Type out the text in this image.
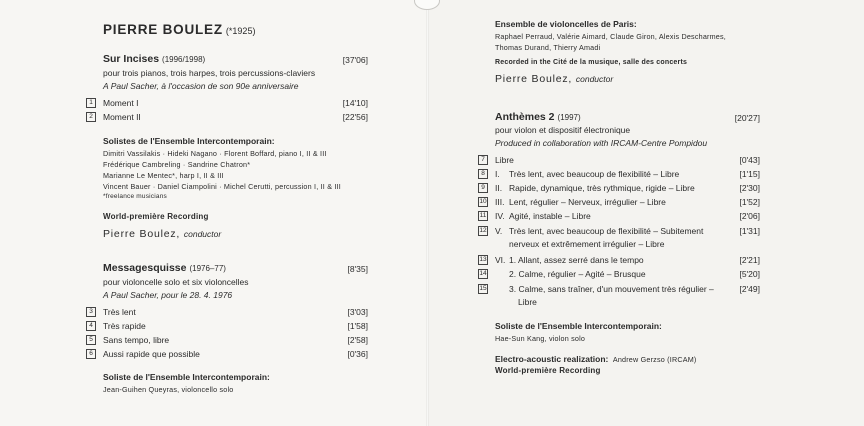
PIERRE BOULEZ (*1925)
Sur Incises (1996/1998)	[37'06]
pour trois pianos, trois harpes, trois percussions-claviers
A Paul Sacher, à l'occasion de son 90e anniversaire
1	Moment I	[14'10]
2	Moment II	[22'56]
Solistes de l'Ensemble Intercontemporain:
Dimitri Vassilakis · Hideki Nagano · Florent Boffard, piano I, II & III
Frédérique Cambreling · Sandrine Chatron*
Marianne Le Mentec*, harp I, II & III
Vincent Bauer · Daniel Ciampolini · Michel Cerutti, percussion I, II & III
*freelance musicians
World-première Recording
Pierre Boulez, conductor
Messagesquisse (1976–77)	[8'35]
pour violoncelle solo et six violoncelles
A Paul Sacher, pour le 28. 4. 1976
3	Très lent	[3'03]
4	Très rapide	[1'58]
5	Sans tempo, libre	[2'58]
6	Aussi rapide que possible	[0'36]
Soliste de l'Ensemble Intercontemporain:
Jean-Guihen Queyras, violoncello solo
Ensemble de violoncelles de Paris:
Raphael Perraud, Valérie Aimard, Claude Giron, Alexis Descharmes,
Thomas Durand, Thierry Amadi
Recorded in the Cité de la musique, salle des concerts
Pierre Boulez, conductor
Anthèmes 2 (1997)	[20'27]
pour violon et dispositif électronique
Produced in collaboration with IRCAM-Centre Pompidou
7	Libre	[0'43]
8	I. Très lent, avec beaucoup de flexibilité – Libre	[1'15]
9	II. Rapide, dynamique, très rythmique, rigide – Libre	[2'30]
10 III. Lent, régulier – Nerveux, irrégulier – Libre	[1'52]
11 IV. Agité, instable – Libre	[2'06]
12 V. Très lent, avec beaucoup de flexibilité – Subitement
nerveux et extrêmement irrégulier – Libre
[1'31]
13 VI. 1. Allant, assez serré dans le tempo	[2'21]
14	2. Calme, régulier – Agité – Brusque	[5'20]
15	3. Calme, sans traîner, d'un mouvement très régulier –
Libre
[2'49]
Soliste de l'Ensemble Intercontemporain:
Hae-Sun Kang, violon solo
Electro-acoustic realization: Andrew Gerzso (IRCAM)
World-première Recording
